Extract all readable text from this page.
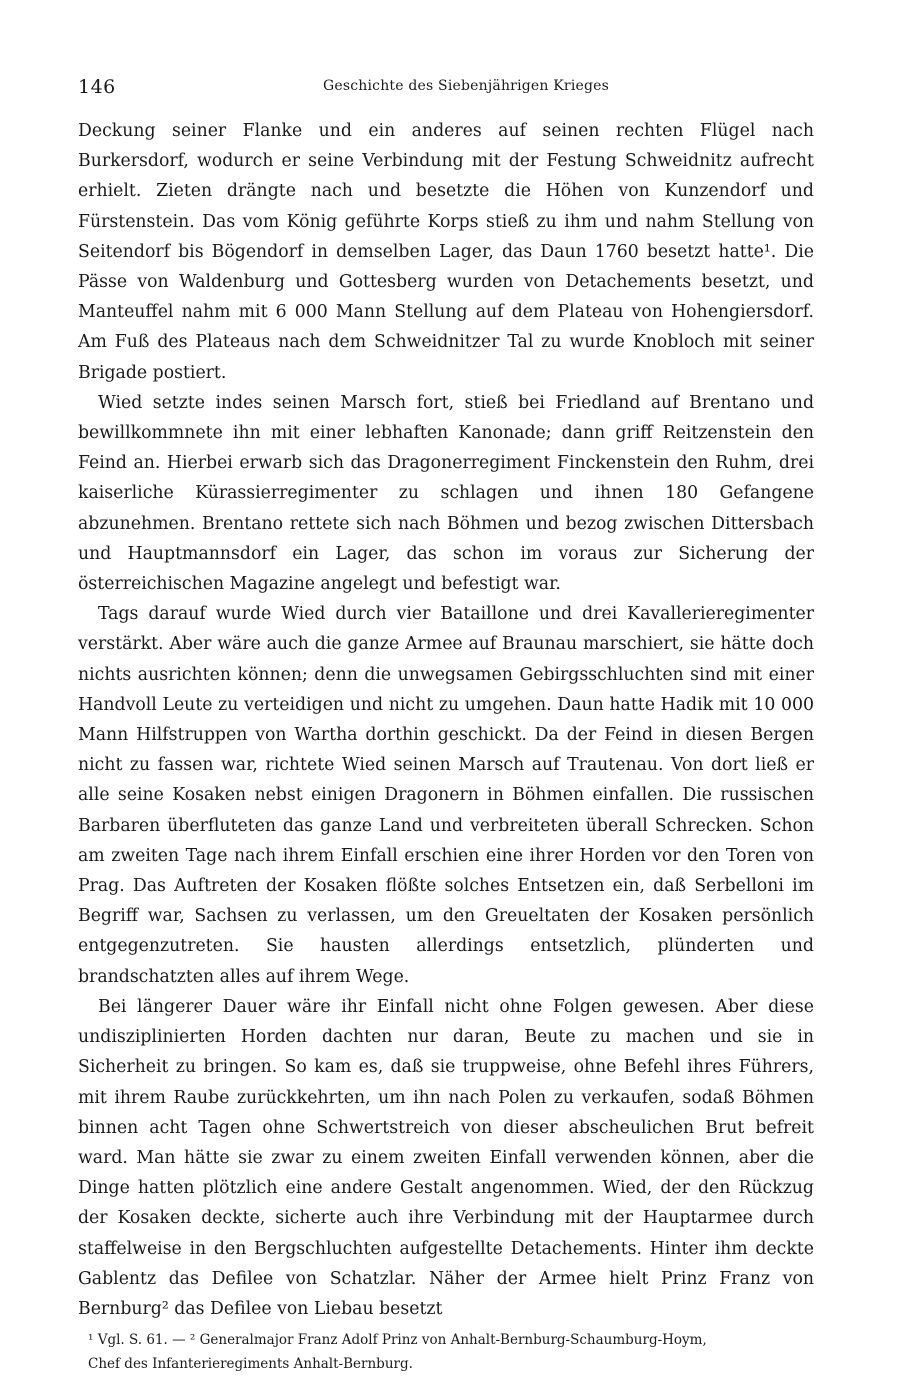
146	Geschichte des Siebenjährigen Krieges

Deckung seiner Flanke und ein anderes auf seinen rechten Flügel nach Burkersdorf, wodurch er seine Verbindung mit der Festung Schweidnitz aufrecht erhielt. Zieten drängte nach und besetzte die Höhen von Kunzendorf und Fürstenstein. Das vom König geführte Korps stieß zu ihm und nahm Stellung von Seitendorf bis Bögendorf in demselben Lager, das Daun 1760 besetzt hatte¹. Die Pässe von Waldenburg und Gottesberg wurden von Detachements besetzt, und Manteuffel nahm mit 6 000 Mann Stellung auf dem Plateau von Hohengiersdorf. Am Fuß des Plateaus nach dem Schweidnitzer Tal zu wurde Knobloch mit seiner Brigade postiert.

Wied setzte indes seinen Marsch fort, stieß bei Friedland auf Brentano und bewillkommnete ihn mit einer lebhaften Kanonade; dann griff Reitzenstein den Feind an. Hierbei erwarb sich das Dragonerregiment Finckenstein den Ruhm, drei kaiserliche Kürassierregimenter zu schlagen und ihnen 180 Gefangene abzunehmen. Brentano rettete sich nach Böhmen und bezog zwischen Dittersbach und Hauptmannsdorf ein Lager, das schon im voraus zur Sicherung der österreichischen Magazine angelegt und befestigt war.

Tags darauf wurde Wied durch vier Bataillone und drei Kavallerieregimenter verstärkt. Aber wäre auch die ganze Armee auf Braunau marschiert, sie hätte doch nichts ausrichten können; denn die unwegsamen Gebirgsschluchten sind mit einer Handvoll Leute zu verteidigen und nicht zu umgehen. Daun hatte Hadik mit 10 000 Mann Hilfstruppen von Wartha dorthin geschickt. Da der Feind in diesen Bergen nicht zu fassen war, richtete Wied seinen Marsch auf Trautenau. Von dort ließ er alle seine Kosaken nebst einigen Dragonern in Böhmen einfallen. Die russischen Barbaren überfluteten das ganze Land und verbreiteten überall Schrecken. Schon am zweiten Tage nach ihrem Einfall erschien eine ihrer Horden vor den Toren von Prag. Das Auftreten der Kosaken flößte solches Entsetzen ein, daß Serbelloni im Begriff war, Sachsen zu verlassen, um den Greueltaten der Kosaken persönlich entgegenzutreten. Sie hausten allerdings entsetzlich, plünderten und brandschatzten alles auf ihrem Wege.

Bei längerer Dauer wäre ihr Einfall nicht ohne Folgen gewesen. Aber diese undisziplinierten Horden dachten nur daran, Beute zu machen und sie in Sicherheit zu bringen. So kam es, daß sie truppweise, ohne Befehl ihres Führers, mit ihrem Raube zurückkehrten, um ihn nach Polen zu verkaufen, sodaß Böhmen binnen acht Tagen ohne Schwertstreich von dieser abscheulichen Brut befreit ward. Man hätte sie zwar zu einem zweiten Einfall verwenden können, aber die Dinge hatten plötzlich eine andere Gestalt angenommen. Wied, der den Rückzug der Kosaken deckte, sicherte auch ihre Verbindung mit der Hauptarmee durch staffelweise in den Bergschluchten aufgestellte Detachements. Hinter ihm deckte Gablentz das Defilee von Schatzlar. Näher der Armee hielt Prinz Franz von Bernburg² das Defilee von Liebau besetzt

¹ Vgl. S. 61. — ² Generalmajor Franz Adolf Prinz von Anhalt-Bernburg-Schaumburg-Hoym,

Chef des Infanterieregiments Anhalt-Bernburg.
